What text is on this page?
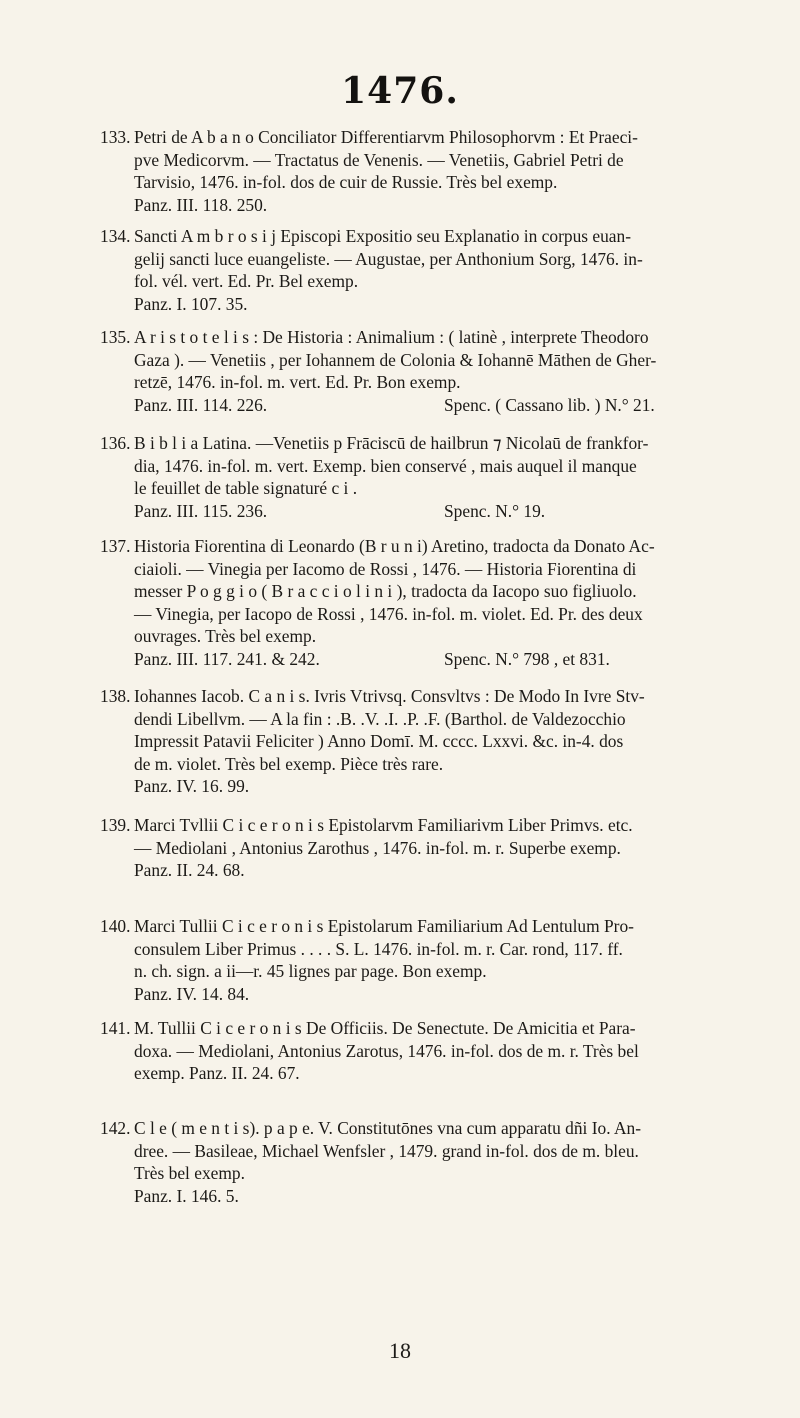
1476.
133. Petri de A b a n o Conciliator Differentiarvm Philosophorvm : Et Praeci-
pve Medicorvm. — Tractatus de Venenis. — Venetiis, Gabriel Petri de
Tarvisio, 1476. in-fol. dos de cuir de Russie. Très bel exemp.
Panz. III. 118. 250.
134. Sancti A m b r o s i j Episcopi Expositio seu Explanatio in corpus euan-
gelij sancti luce euangeliste. — Augustae, per Anthonium Sorg, 1476. in-
fol. vél. vert. Ed. Pr. Bel exemp.
Panz. I. 107. 35.
135. A r i s t o t e l i s : De Historia : Animalium : ( latinè , interprete Theodoro
Gaza ). — Venetiis , per Iohannem de Colonia & Iohannē Māthen de Gher-
retzē, 1476. in-fol. m. vert. Ed. Pr. Bon exemp.
Panz. III. 114. 226.	Spenc. ( Cassano lib. ) N.° 21.
136. B i b l i a Latina. —Venetiis p Frāciscū de hailbrun ⁊ Nicolaū de frankfor-
dia, 1476. in-fol. m. vert. Exemp. bien conservé , mais auquel il manque
le feuillet de table signaturé c i .
Panz. III. 115. 236.	Spenc. N.° 19.
137. Historia Fiorentina di Leonardo (B r u n i) Aretino, tradocta da Donato Ac-
ciaioli. — Vinegia per Iacomo de Rossi , 1476. — Historia Fiorentina di
messer P o g g i o ( B r a c c i o l i n i ), tradocta da Iacopo suo figliuolo.
— Vinegia, per Iacopo de Rossi , 1476. in-fol. m. violet. Ed. Pr. des deux
ouvrages. Très bel exemp.
Panz. III. 117. 241. & 242.	Spenc. N.° 798 , et 831.
138. Iohannes Iacob. C a n i s. Ivris Vtrivsq. Consvltvs : De Modo In Ivre Stv-
dendi Libellvm. — A la fin : .B. .V. .I. .P. .F. (Barthol. de Valdezocchio
Impressit Patavii Feliciter ) Anno Domī. M. cccc. Lxxvi. &c. in-4. dos
de m. violet. Très bel exemp. Pièce très rare.
Panz. IV. 16. 99.
139. Marci Tvllii C i c e r o n i s Epistolarvm Familiarivm Liber Primvs. etc.
— Mediolani , Antonius Zarothus , 1476. in-fol. m. r. Superbe exemp.
Panz. II. 24. 68.
140. Marci Tullii C i c e r o n i s Epistolarum Familiarium Ad Lentulum Pro-
consulem Liber Primus . . . . S. L. 1476. in-fol. m. r. Car. rond, 117. ff.
n. ch. sign. a ii—r. 45 lignes par page. Bon exemp.
Panz. IV. 14. 84.
141. M. Tullii C i c e r o n i s De Officiis. De Senectute. De Amicitia et Para-
doxa. — Mediolani, Antonius Zarotus, 1476. in-fol. dos de m. r. Très bel
exemp. Panz. II. 24. 67.
142. C l e ( m e n t i s). p a p e. V. Constitutōnes vna cum apparatu dñi Io. An-
dree. — Basileae, Michael Wenfsler , 1479. grand in-fol. dos de m. bleu.
Très bel exemp.
Panz. I. 146. 5.
18
